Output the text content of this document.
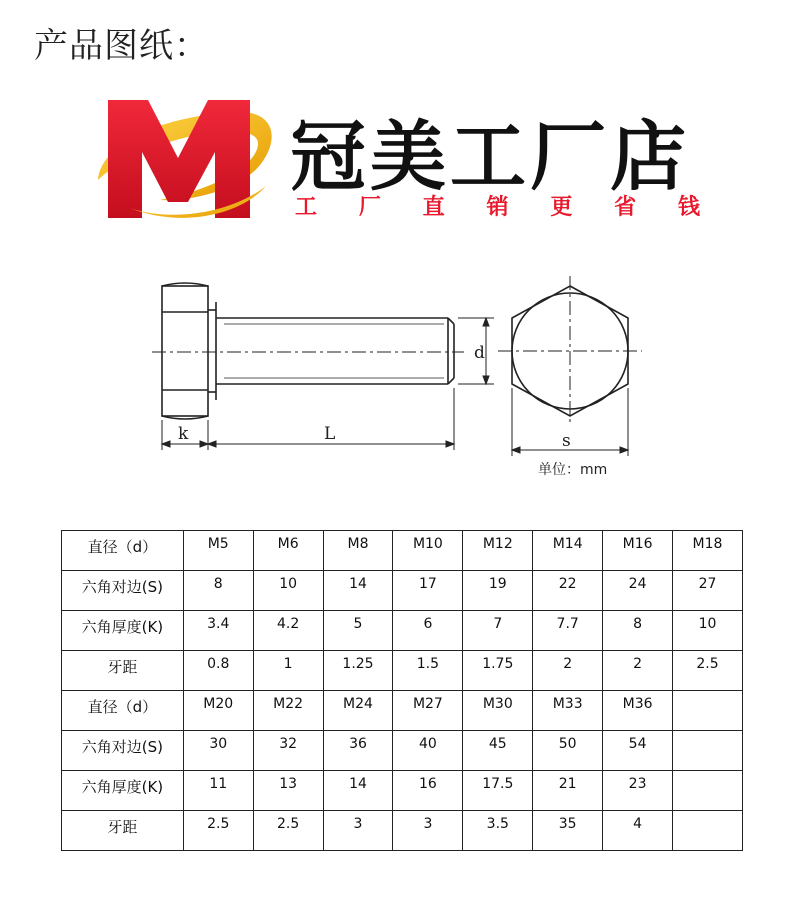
产品图纸：
冠美工厂店
工 厂 直 销 更 省 钱
d
k	L	s
单位：mm
直径（d）	M5	M6	M8	M10	M12	M14	M16	M18
六角对边(S)	8	10	14	17	19	22	24	27
六角厚度(K)	3.4	4.2	5	6	7	7.7	8	10
牙距	0.8	1	1.25	1.5	1.75	2	2	2.5
直径（d）	M20	M22	M24	M27	M30	M33	M36	
六角对边(S)	30	32	36	40	45	50	54	
六角厚度(K)	11	13	14	16	17.5	21	23	
牙距	2.5	2.5	3	3	3.5	35	4	
